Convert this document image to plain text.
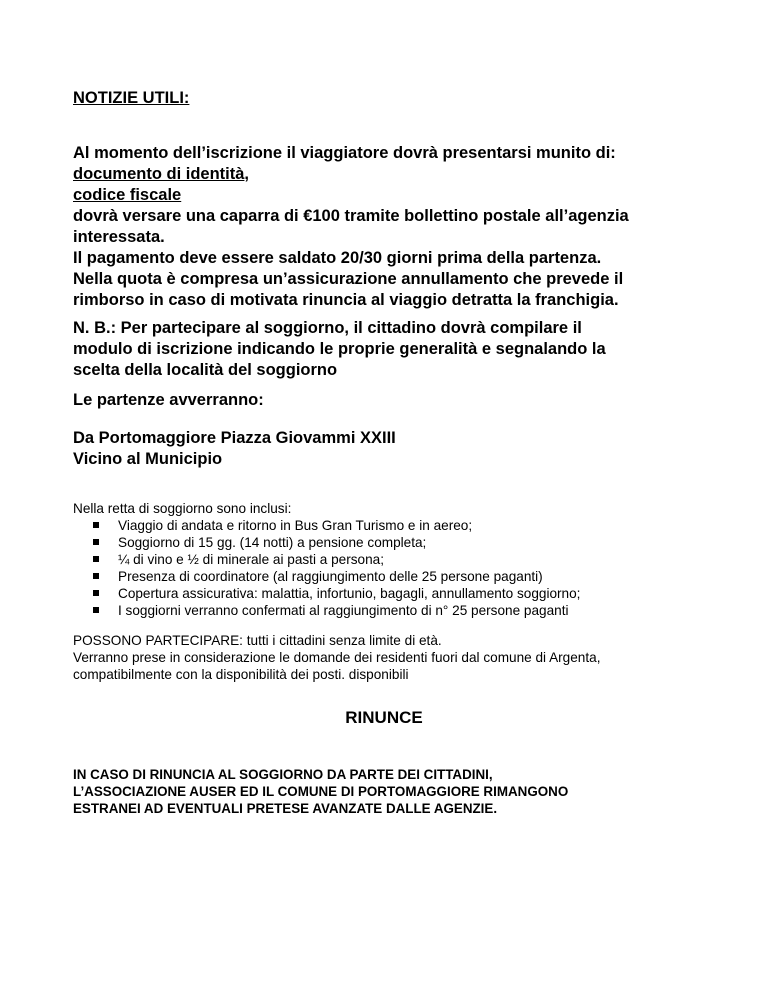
NOTIZIE UTILI:
Al momento dell’iscrizione il viaggiatore dovrà presentarsi munito di:
documento di identità,
codice fiscale
dovrà versare una caparra di €100 tramite bollettino postale all’agenzia
interessata.
Il pagamento deve essere saldato 20/30 giorni prima della partenza.
Nella quota è compresa un’assicurazione annullamento che prevede il
rimborso in caso di motivata rinuncia al viaggio detratta la franchigia.
N. B.: Per partecipare al soggiorno, il cittadino dovrà compilare il
modulo di iscrizione indicando le proprie generalità e segnalando la
scelta della località del soggiorno
Le partenze avverranno:
Da Portomaggiore Piazza Giovammi XXIII
Vicino al Municipio
Nella retta di soggiorno sono inclusi:
Viaggio di andata e ritorno in Bus Gran Turismo e in aereo;
Soggiorno di 15 gg. (14 notti) a pensione completa;
¼ di vino e ½ di minerale ai pasti a persona;
Presenza di coordinatore (al raggiungimento delle 25 persone paganti)
Copertura assicurativa: malattia, infortunio, bagagli, annullamento soggiorno;
I soggiorni verranno confermati al raggiungimento di n° 25 persone paganti
POSSONO PARTECIPARE: tutti i cittadini senza limite di età.
Verranno prese in considerazione le domande dei residenti fuori dal comune di Argenta,
compatibilmente con la disponibilità dei posti. disponibili
RINUNCE
IN CASO DI RINUNCIA AL SOGGIORNO DA PARTE DEI CITTADINI,
L’ASSOCIAZIONE AUSER ED IL COMUNE DI PORTOMAGGIORE RIMANGONO
ESTRANEI AD EVENTUALI PRETESE AVANZATE DALLE AGENZIE.
